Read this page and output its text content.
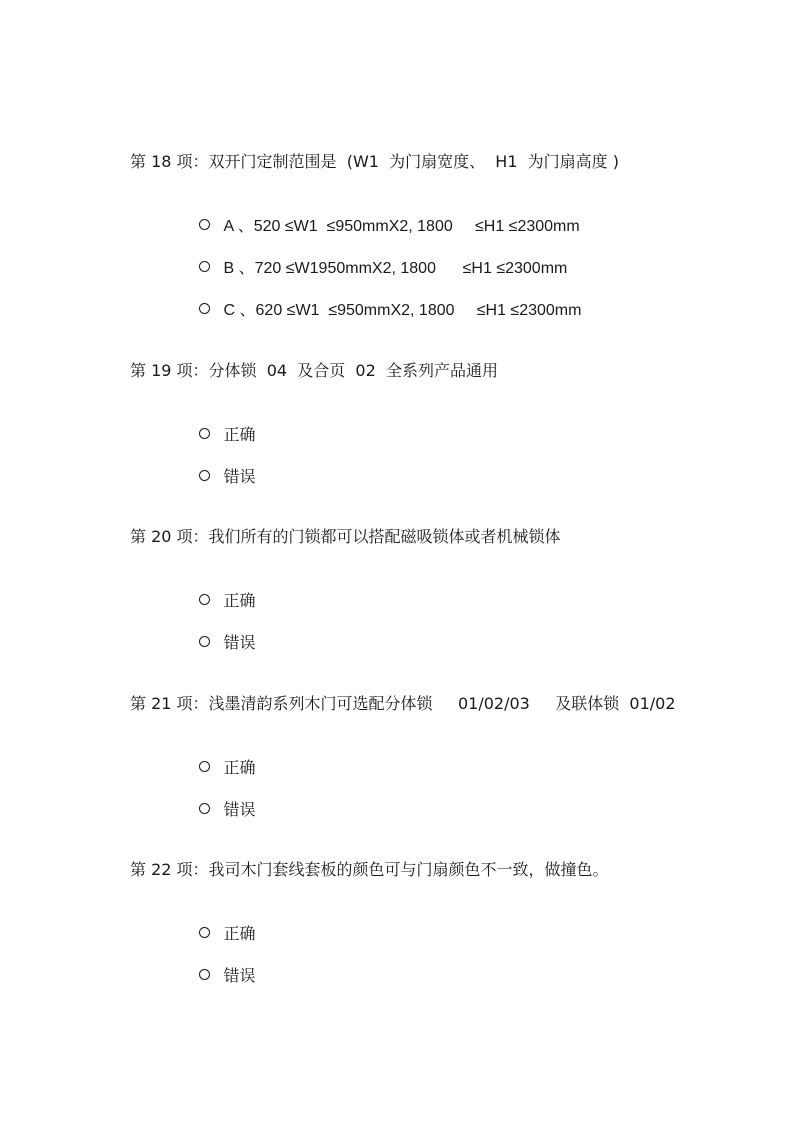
第 18 项：双开门定制范围是  (W1  为门扇宽度、  H1  为门扇高度 )

A 、520 ≤W1  ≤950mmX2, 1800     ≤H1 ≤2300mm

B 、720 ≤W1950mmX2, 1800      ≤H1 ≤2300mm

C 、620 ≤W1  ≤950mmX2, 1800     ≤H1 ≤2300mm

第 19 项：分体锁  04  及合页  02  全系列产品通用

正确

错误

第 20 项：我们所有的门锁都可以搭配磁吸锁体或者机械锁体

正确

错误

第 21 项：浅墨清韵系列木门可选配分体锁     01/02/03     及联体锁  01/02

正确

错误

第 22 项：我司木门套线套板的颜色可与门扇颜色不一致，做撞色。

正确

错误
